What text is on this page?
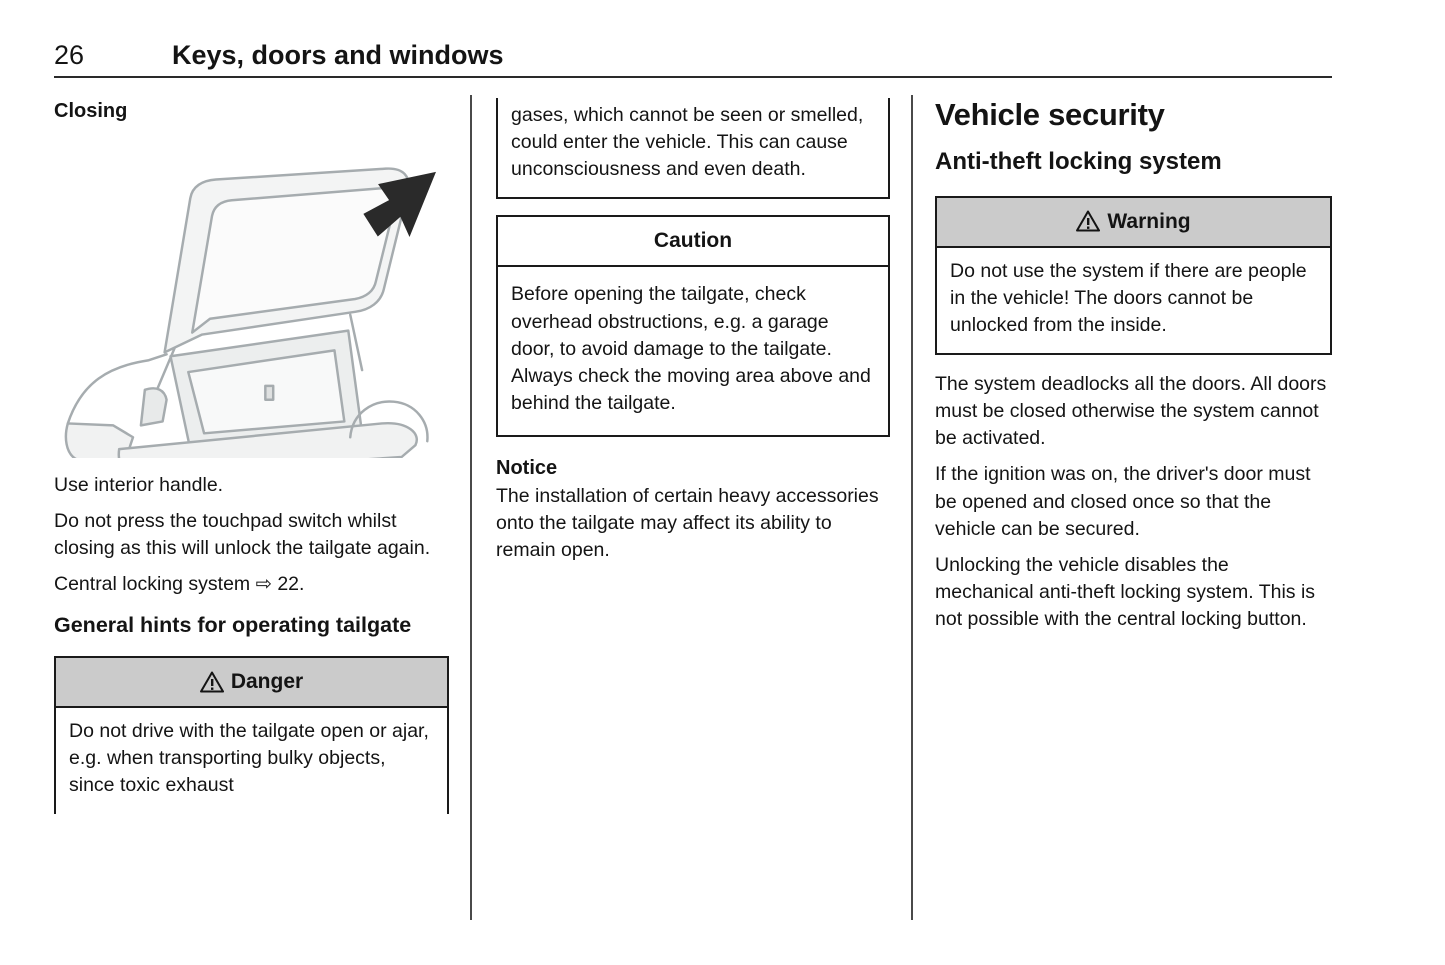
26	Keys, doors and windows
Closing

Use interior handle.

Do not press the touchpad switch whilst closing as this will unlock the tailgate again.

Central locking system ⇨ 22.

General hints for operating tailgate
Danger
Do not drive with the tailgate open or ajar, e.g. when transporting bulky objects, since toxic exhaust
gases, which cannot be seen or smelled, could enter the vehicle. This can cause unconsciousness and even death.
Caution
Before opening the tailgate, check overhead obstructions, e.g. a garage door, to avoid damage to the tailgate. Always check the moving area above and behind the tailgate.
Notice

The installation of certain heavy accessories onto the tailgate may affect its ability to remain open.

Vehicle security
Anti-theft locking system
Warning
Do not use the system if there are people in the vehicle! The doors cannot be unlocked from the inside.

The system deadlocks all the doors. All doors must be closed otherwise the system cannot be activated.

If the ignition was on, the driver's door must be opened and closed once so that the vehicle can be secured.

Unlocking the vehicle disables the mechanical anti-theft locking system. This is not possible with the central locking button.
